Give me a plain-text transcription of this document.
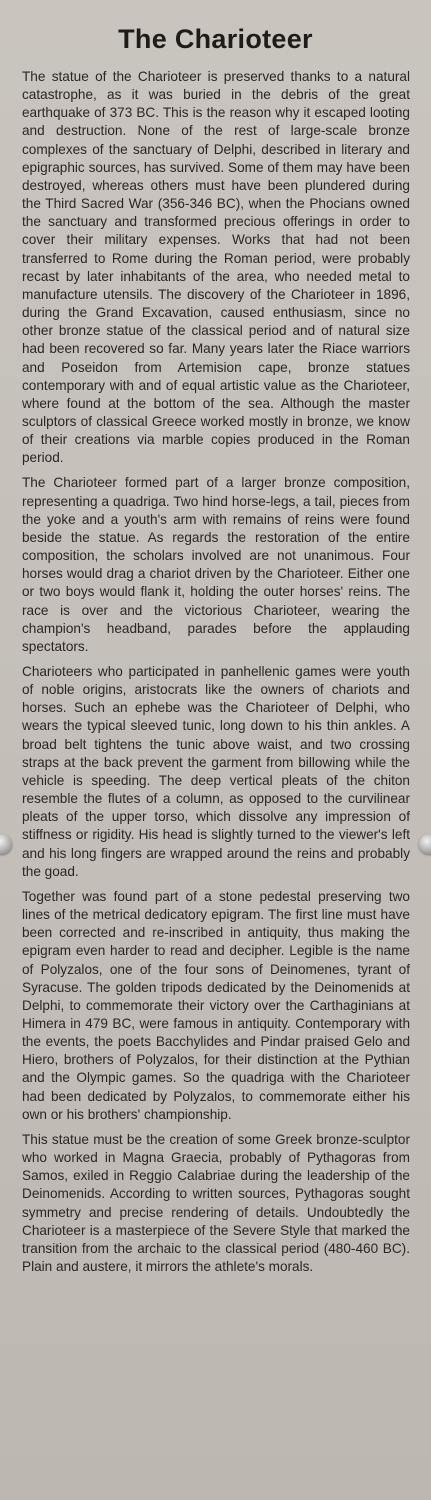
The Charioteer

The statue of the Charioteer is preserved thanks to a natural catastrophe, as it was buried in the debris of the great earthquake of 373 BC. This is the reason why it escaped looting and destruction. None of the rest of large-scale bronze complexes of the sanctuary of Delphi, described in literary and epigraphic sources, has survived. Some of them may have been destroyed, whereas others must have been plundered during the Third Sacred War (356-346 BC), when the Phocians owned the sanctuary and transformed precious offerings in order to cover their military expenses. Works that had not been transferred to Rome during the Roman period, were probably recast by later inhabitants of the area, who needed metal to manufacture utensils. The discovery of the Charioteer in 1896, during the Grand Excavation, caused enthusiasm, since no other bronze statue of the classical period and of natural size had been recovered so far. Many years later the Riace warriors and Poseidon from Artemision cape, bronze statues contemporary with and of equal artistic value as the Charioteer, where found at the bottom of the sea. Although the master sculptors of classical Greece worked mostly in bronze, we know of their creations via marble copies produced in the Roman period.

The Charioteer formed part of a larger bronze composition, representing a quadriga. Two hind horse-legs, a tail, pieces from the yoke and a youth's arm with remains of reins were found beside the statue. As regards the restoration of the entire composition, the scholars involved are not unanimous. Four horses would drag a chariot driven by the Charioteer. Either one or two boys would flank it, holding the outer horses' reins. The race is over and the victorious Charioteer, wearing the champion's headband, parades before the applauding spectators.

Charioteers who participated in panhellenic games were youth of noble origins, aristocrats like the owners of chariots and horses. Such an ephebe was the Charioteer of Delphi, who wears the typical sleeved tunic, long down to his thin ankles. A broad belt tightens the tunic above waist, and two crossing straps at the back prevent the garment from billowing while the vehicle is speeding. The deep vertical pleats of the chiton resemble the flutes of a column, as opposed to the curvilinear pleats of the upper torso, which dissolve any impression of stiffness or rigidity. His head is slightly turned to the viewer's left and his long fingers are wrapped around the reins and probably the goad.

Together was found part of a stone pedestal preserving two lines of the metrical dedicatory epigram. The first line must have been corrected and re-inscribed in antiquity, thus making the epigram even harder to read and decipher. Legible is the name of Polyzalos, one of the four sons of Deinomenes, tyrant of Syracuse. The golden tripods dedicated by the Deinomenids at Delphi, to commemorate their victory over the Carthaginians at Himera in 479 BC, were famous in antiquity. Contemporary with the events, the poets Bacchylides and Pindar praised Gelo and Hiero, brothers of Polyzalos, for their distinction at the Pythian and the Olympic games. So the quadriga with the Charioteer had been dedicated by Polyzalos, to commemorate either his own or his brothers' championship.

This statue must be the creation of some Greek bronze-sculptor who worked in Magna Graecia, probably of Pythagoras from Samos, exiled in Reggio Calabriae during the leadership of the Deinomenids. According to written sources, Pythagoras sought symmetry and precise rendering of details. Undoubtedly the Charioteer is a masterpiece of the Severe Style that marked the transition from the archaic to the classical period (480-460 BC). Plain and austere, it mirrors the athlete's morals.
